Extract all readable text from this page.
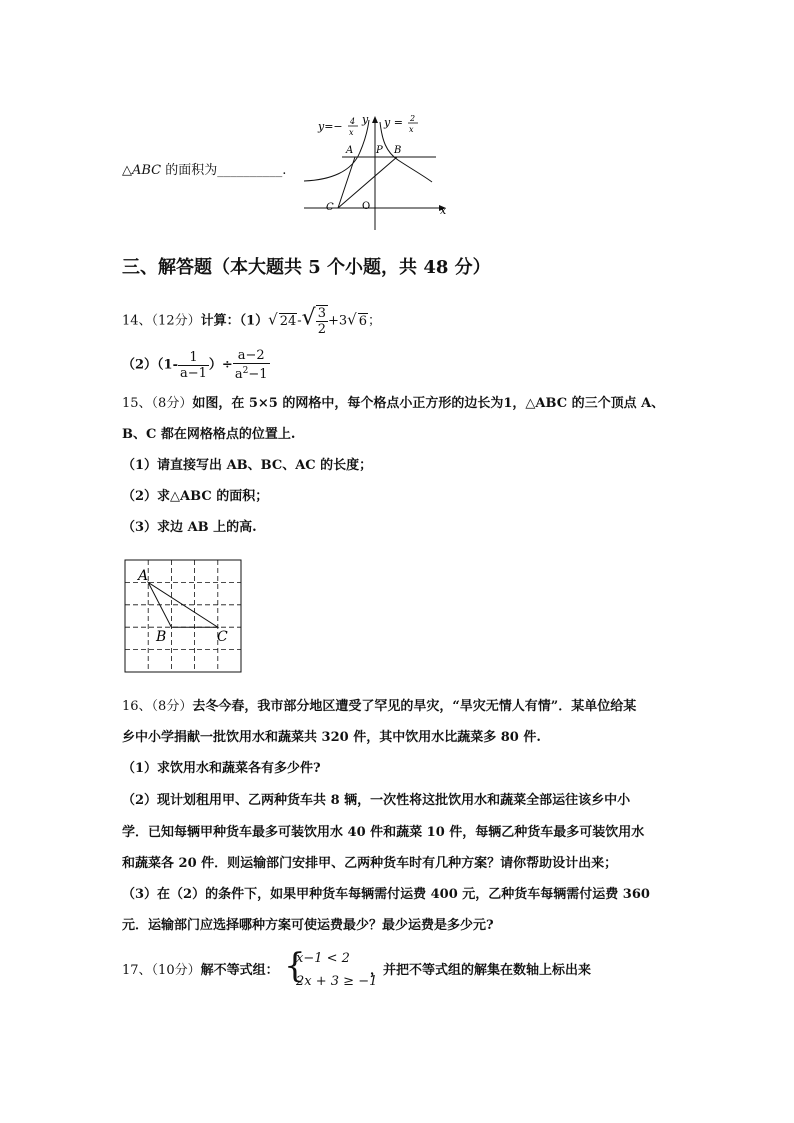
△ABC 的面积为__________.
y=− 4
x
y = 2
x
y
x
O
A P B
C
三、解答题（本大题共 5 个小题，共 48 分）
14、（12分）计算：（1）√ $24-√ \frac{3}{2} +3√$ 6；
$(2)(1- \frac{1}{a-1}$ ）÷ $\frac{a-2}{a^2-1}$
15、（8分）如图，在 5×5 的网格中，每个格点小正方形的边长为1，△ABC 的三个顶点 A、
B、C 都在网格格点的位置上.
（1）请直接写出 AB、BC、AC 的长度；
（2）求△ABC 的面积；
（3）求边 AB 上的高.
A
B	C
16、（8分）去冬今春，我市部分地区遭受了罕见的旱灾，“旱灾无情人有情”．某单位给某
乡中小学捐献一批饮用水和蔬菜共 320 件，其中饮用水比蔬菜多 80 件.
（1）求饮用水和蔬菜各有多少件?
（2）现计划租用甲、乙两种货车共 8 辆，一次性将这批饮用水和蔬菜全部运往该乡中小
学．已知每辆甲种货车最多可装饮用水 40 件和蔬菜 10 件，每辆乙种货车最多可装饮用水
和蔬菜各 20 件．则运输部门安排甲、乙两种货车时有几种方案？请你帮助设计出来；
（3）在（2）的条件下，如果甲种货车每辆需付运费 400 元，乙种货车每辆需付运费 360
元．运输部门应选择哪种方案可使运费最少？最少运费是多少元?
17、（10分）解不等式组： {
x−1 < 2
2x + 3 ≥ −1
，并把不等式组的解集在数轴上标出来
